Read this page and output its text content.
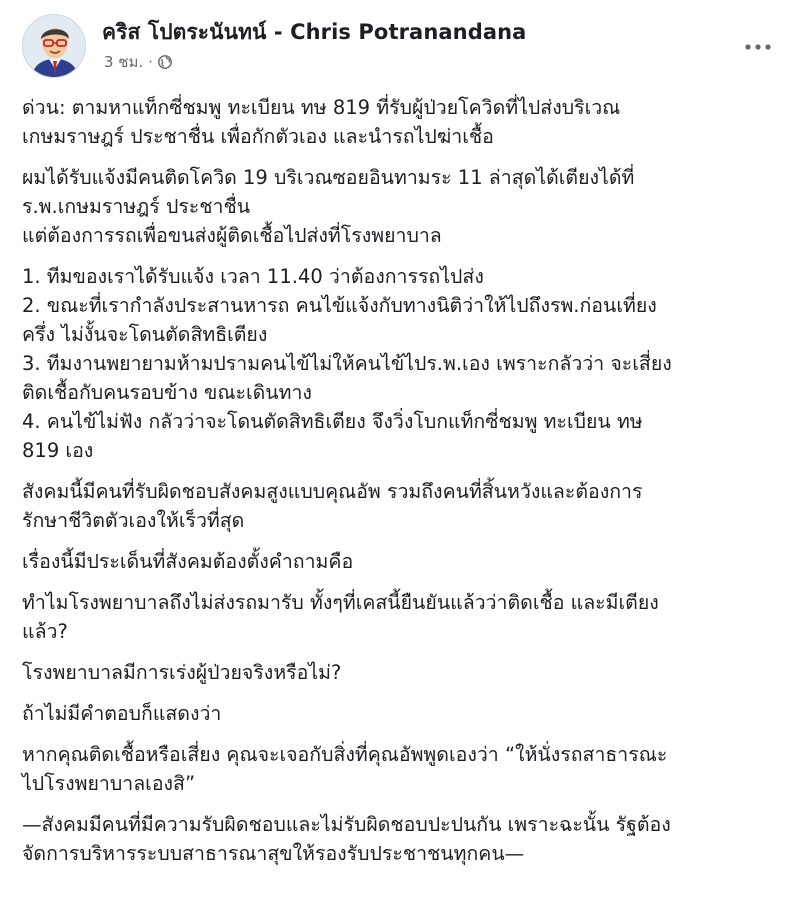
คริส โปตระนันทน์ - Chris Potranandana
3 ชม. ·

ด่วน: ตามหาแท็กซี่ชมพู ทะเบียน ทษ 819 ที่รับผู้ป่วยโควิดที่ไปส่งบริเวณ
เกษมราษฎร์ ประชาชื่น เพื่อกักตัวเอง และนำรถไปฆ่าเชื้อ

ผมได้รับแจ้งมีคนติดโควิด 19 บริเวณซอยอินทามระ 11 ล่าสุดได้เตียงได้ที่
ร.พ.เกษมราษฎร์ ประชาชื่น
แต่ต้องการรถเพื่อขนส่งผู้ติดเชื้อไปส่งที่โรงพยาบาล

1. ทีมของเราได้รับแจ้ง เวลา 11.40 ว่าต้องการรถไปส่ง
2. ขณะที่เรากำลังประสานหารถ คนไข้แจ้งกับทางนิติว่าให้ไปถึงรพ.ก่อนเที่ยง
ครึ่ง ไม่งั้นจะโดนตัดสิทธิเตียง
3. ทีมงานพยายามห้ามปรามคนไข้ไม่ให้คนไข้ไปร.พ.เอง เพราะกลัวว่า จะเสี่ยง
ติดเชื้อกับคนรอบข้าง ขณะเดินทาง
4. คนไข้ไม่ฟัง กลัวว่าจะโดนตัดสิทธิเตียง จึงวิ่งโบกแท็กซี่ชมพู ทะเบียน ทษ
819 เอง

สังคมนี้มีคนที่รับผิดชอบสังคมสูงแบบคุณอัพ รวมถึงคนที่สิ้นหวังและต้องการ
รักษาชีวิตตัวเองให้เร็วที่สุด

เรื่องนี้มีประเด็นที่สังคมต้องตั้งคำถามคือ

ทำไมโรงพยาบาลถึงไม่ส่งรถมารับ ทั้งๆที่เคสนี้ยืนยันแล้วว่าติดเชื้อ และมีเตียง
แล้ว?

โรงพยาบาลมีการเร่งผู้ป่วยจริงหรือไม่?

ถ้าไม่มีคำตอบก็แสดงว่า

หากคุณติดเชื้อหรือเสี่ยง คุณจะเจอกับสิ่งที่คุณอัพพูดเองว่า “ให้นั่งรถสาธารณะ
ไปโรงพยาบาลเองสิ”

—สังคมมีคนที่มีความรับผิดชอบและไม่รับผิดชอบปะปนกัน เพราะฉะนั้น รัฐต้อง
จัดการบริหารระบบสาธารณาสุขให้รองรับประชาชนทุกคน—
